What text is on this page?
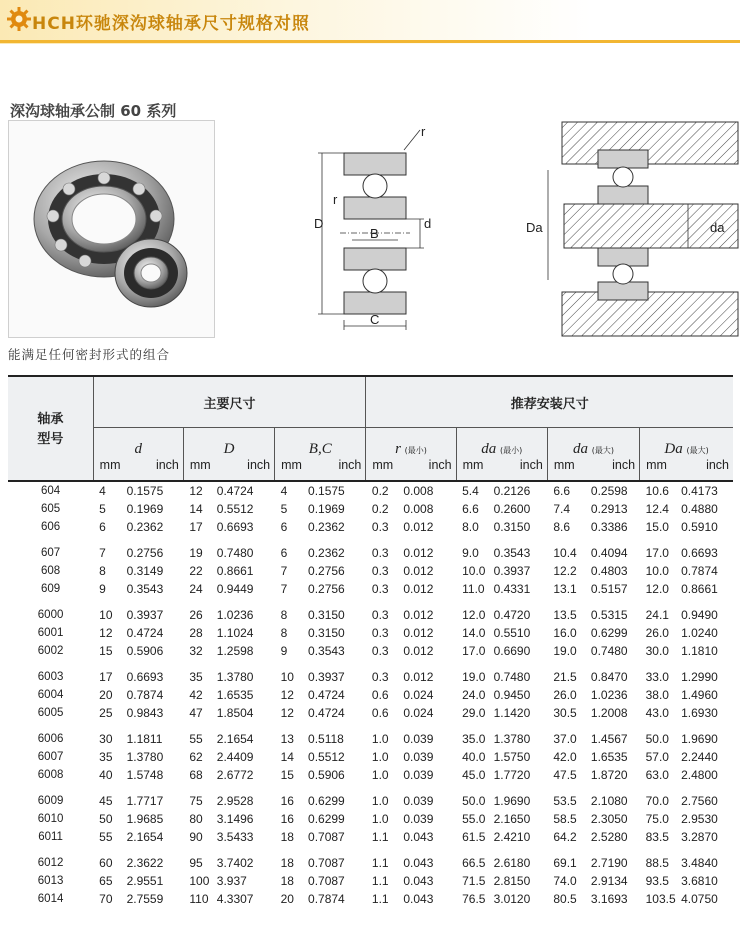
HCH环驰深沟球轴承尺寸规格对照
深沟球轴承公制 60 系列
能满足任何密封形式的组合
r
r
D
B
d
C
Da	da
轴承
型号	主要尺寸						推荐安装尺寸							
	d		D		B,C		r (最小)		da (最小)		da (最大)		Da (最大)	
	mm	inch	mm	inch	mm	inch	mm	inch	mm	inch	mm	inch	mm	inch
604	4	0.1575	12	0.4724	4	0.1575	0.2	0.008	5.4	0.2126	6.6	0.2598	10.6	0.4173
605	5	0.1969	14	0.5512	5	0.1969	0.2	0.008	6.6	0.2600	7.4	0.2913	12.4	0.4880
606	6	0.2362	17	0.6693	6	0.2362	0.3	0.012	8.0	0.3150	8.6	0.3386	15.0	0.5910

607	7	0.2756	19	0.7480	6	0.2362	0.3	0.012	9.0	0.3543	10.4	0.4094	17.0	0.6693
608	8	0.3149	22	0.8661	7	0.2756	0.3	0.012	10.0	0.3937	12.2	0.4803	10.0	0.7874
609	9	0.3543	24	0.9449	7	0.2756	0.3	0.012	11.0	0.4331	13.1	0.5157	12.0	0.8661

6000	10	0.3937	26	1.0236	8	0.3150	0.3	0.012	12.0	0.4720	13.5	0.5315	24.1	0.9490
6001	12	0.4724	28	1.1024	8	0.3150	0.3	0.012	14.0	0.5510	16.0	0.6299	26.0	1.0240
6002	15	0.5906	32	1.2598	9	0.3543	0.3	0.012	17.0	0.6690	19.0	0.7480	30.0	1.1810

6003	17	0.6693	35	1.3780	10	0.3937	0.3	0.012	19.0	0.7480	21.5	0.8470	33.0	1.2990
6004	20	0.7874	42	1.6535	12	0.4724	0.6	0.024	24.0	0.9450	26.0	1.0236	38.0	1.4960
6005	25	0.9843	47	1.8504	12	0.4724	0.6	0.024	29.0	1.1420	30.5	1.2008	43.0	1.6930

6006	30	1.1811	55	2.1654	13	0.5118	1.0	0.039	35.0	1.3780	37.0	1.4567	50.0	1.9690
6007	35	1.3780	62	2.4409	14	0.5512	1.0	0.039	40.0	1.5750	42.0	1.6535	57.0	2.2440
6008	40	1.5748	68	2.6772	15	0.5906	1.0	0.039	45.0	1.7720	47.5	1.8720	63.0	2.4800

6009	45	1.7717	75	2.9528	16	0.6299	1.0	0.039	50.0	1.9690	53.5	2.1080	70.0	2.7560
6010	50	1.9685	80	3.1496	16	0.6299	1.0	0.039	55.0	2.1650	58.5	2.3050	75.0	2.9530
6011	55	2.1654	90	3.5433	18	0.7087	1.1	0.043	61.5	2.4210	64.2	2.5280	83.5	3.2870

6012	60	2.3622	95	3.7402	18	0.7087	1.1	0.043	66.5	2.6180	69.1	2.7190	88.5	3.4840
6013	65	2.9551	100	3.937	18	0.7087	1.1	0.043	71.5	2.8150	74.0	2.9134	93.5	3.6810
6014	70	2.7559	110	4.3307	20	0.7874	1.1	0.043	76.5	3.0120	80.5	3.1693	103.5	4.0750
